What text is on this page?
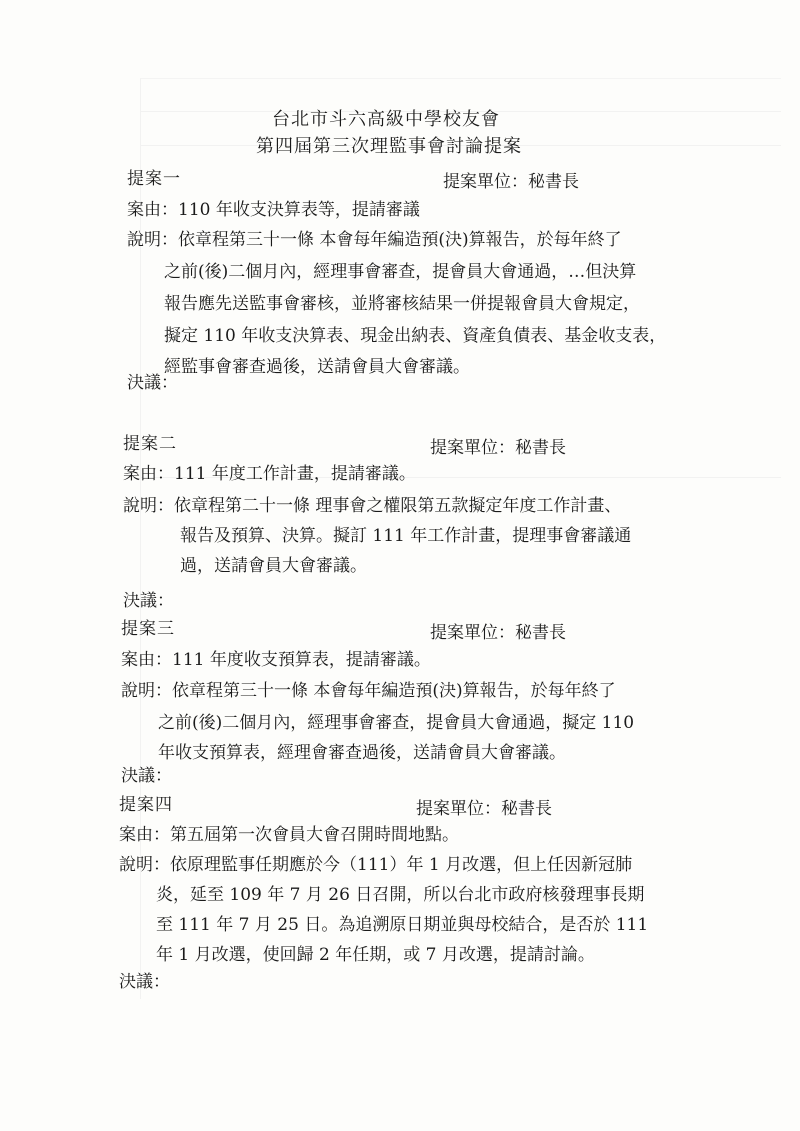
台北市斗六高級中學校友會
第四屆第三次理監事會討論提案
提案一	提案單位：秘書長
案由：110 年收支決算表等，提請審議
說明：依章程第三十一條 本會每年編造預(決)算報告，於每年終了
之前(後)二個月內，經理事會審查，提會員大會通過，…但決算
報告應先送監事會審核，並將審核結果一併提報會員大會規定，
擬定 110 年收支決算表、現金出納表、資產負債表、基金收支表，
經監事會審查過後，送請會員大會審議。
決議：
提案二	提案單位：秘書長
案由：111 年度工作計畫，提請審議。
說明：依章程第二十一條 理事會之權限第五款擬定年度工作計畫、
報告及預算、決算。擬訂 111 年工作計畫，提理事會審議通
過，送請會員大會審議。
決議：
提案三	提案單位：秘書長
案由：111 年度收支預算表，提請審議。
說明：依章程第三十一條 本會每年編造預(決)算報告，於每年終了
之前(後)二個月內，經理事會審查，提會員大會通過，擬定 110
年收支預算表，經理會審查過後，送請會員大會審議。
決議：
提案四	提案單位：秘書長
案由：第五屆第一次會員大會召開時間地點。
說明：依原理監事任期應於今（111）年 1 月改選，但上任因新冠肺
炎，延至 109 年 7 月 26 日召開，所以台北市政府核發理事長期
至 111 年 7 月 25 日。為追溯原日期並與母校結合，是否於 111
年 1 月改選，使回歸 2 年任期，或 7 月改選，提請討論。
決議：
